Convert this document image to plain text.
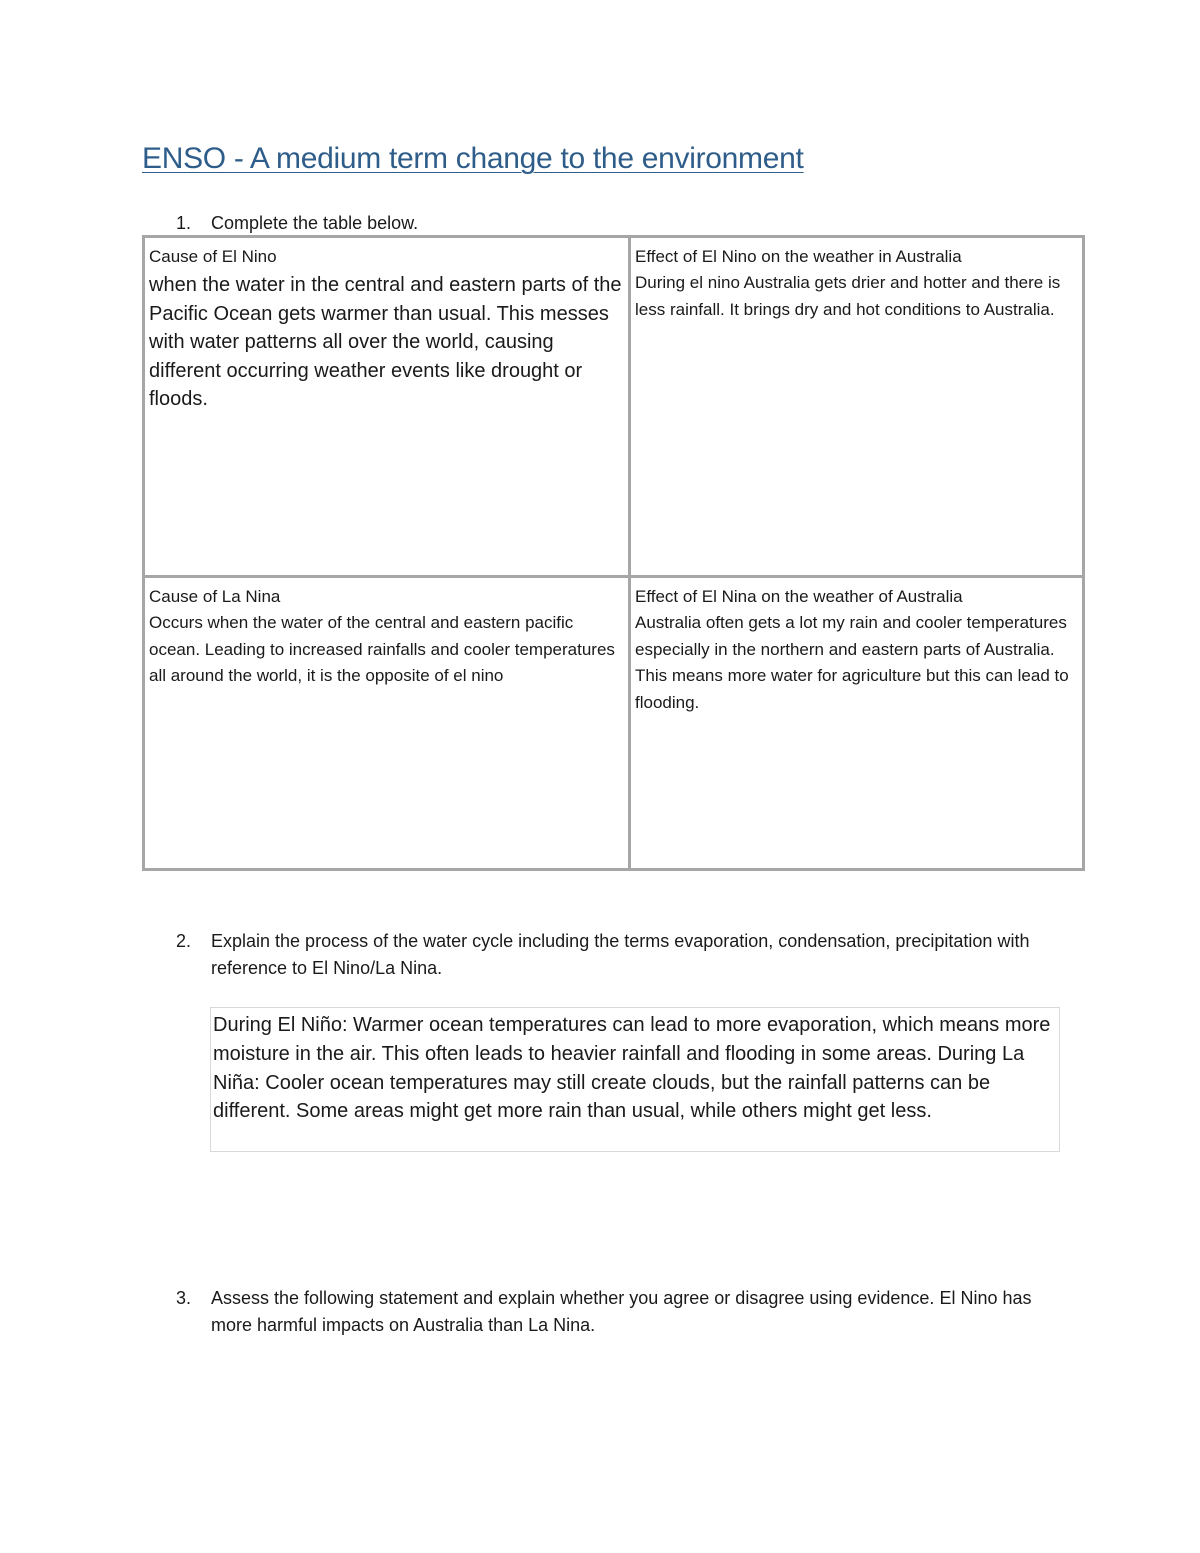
ENSO - A medium term change to the environment
1. Complete the table below.
Cause of El Nino
when the water in the central and eastern parts of the Pacific Ocean gets warmer than usual. This messes with water patterns all over the world, causing different occurring weather events like drought or floods.
Effect of El Nino on the weather in Australia
During el nino Australia gets drier and hotter and there is less rainfall. It brings dry and hot conditions to Australia.
Cause of La Nina
Occurs when the water of the central and eastern pacific ocean. Leading to increased rainfalls and cooler temperatures all around the world, it is the opposite of el nino
Effect of El Nina on the weather of Australia
Australia often gets a lot my rain and cooler temperatures especially in the northern and eastern parts of Australia. This means more water for agriculture but this can lead to flooding.
2. Explain the process of the water cycle including the terms evaporation, condensation, precipitation with reference to El Nino/La Nina.
During El Niño: Warmer ocean temperatures can lead to more evaporation, which means more moisture in the air. This often leads to heavier rainfall and flooding in some areas. During La Niña: Cooler ocean temperatures may still create clouds, but the rainfall patterns can be different. Some areas might get more rain than usual, while others might get less.
3. Assess the following statement and explain whether you agree or disagree using evidence. El Nino has more harmful impacts on Australia than La Nina.
